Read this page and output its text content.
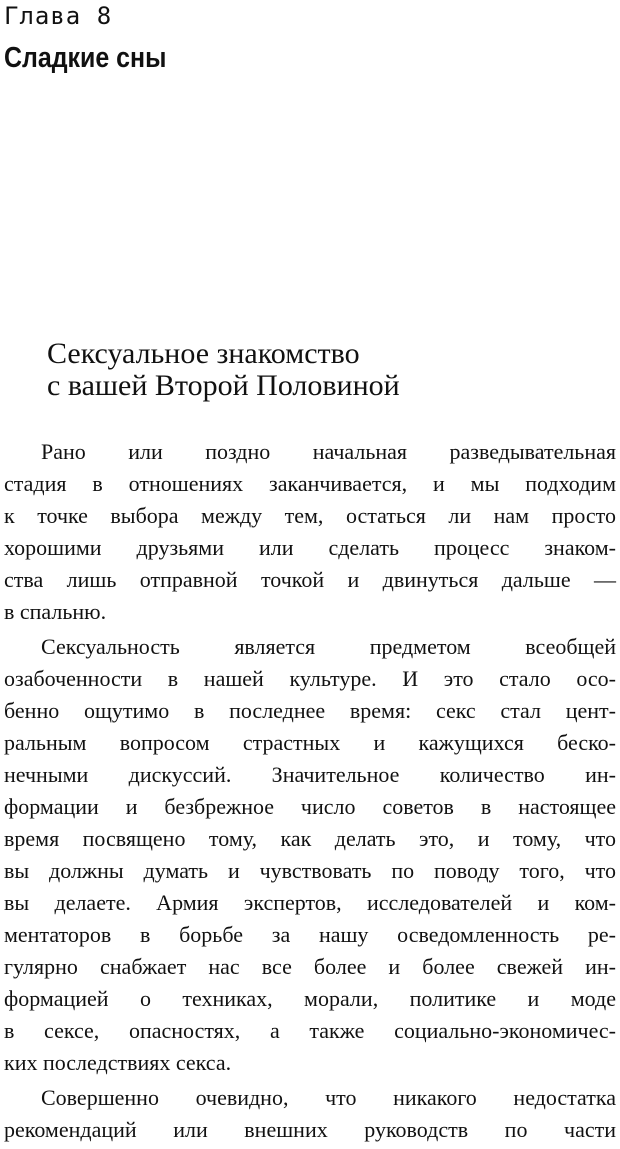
Глава 8
Сладкие сны
Сексуальное знакомство
с вашей Второй Половиной
Рано или поздно начальная разведывательная
стадия в отношениях заканчивается, и мы подходим
к точке выбора между тем, остаться ли нам просто
хорошими друзьями или сделать процесс знаком-
ства лишь отправной точкой и двинуться дальше —
в спальню.
Сексуальность является предметом всеобщей
озабоченности в нашей культуре. И это стало осо-
бенно ощутимо в последнее время: секс стал цент-
ральным вопросом страстных и кажущихся беско-
нечными дискуссий. Значительное количество ин-
формации и безбрежное число советов в настоящее
время посвящено тому, как делать это, и тому, что
вы должны думать и чувствовать по поводу того, что
вы делаете. Армия экспертов, исследователей и ком-
ментаторов в борьбе за нашу осведомленность ре-
гулярно снабжает нас все более и более свежей ин-
формацией о техниках, морали, политике и моде
в сексе, опасностях, а также социально-экономичес-
ких последствиях секса.
Совершенно очевидно, что никакого недостатка
рекомендаций или внешних руководств по части
